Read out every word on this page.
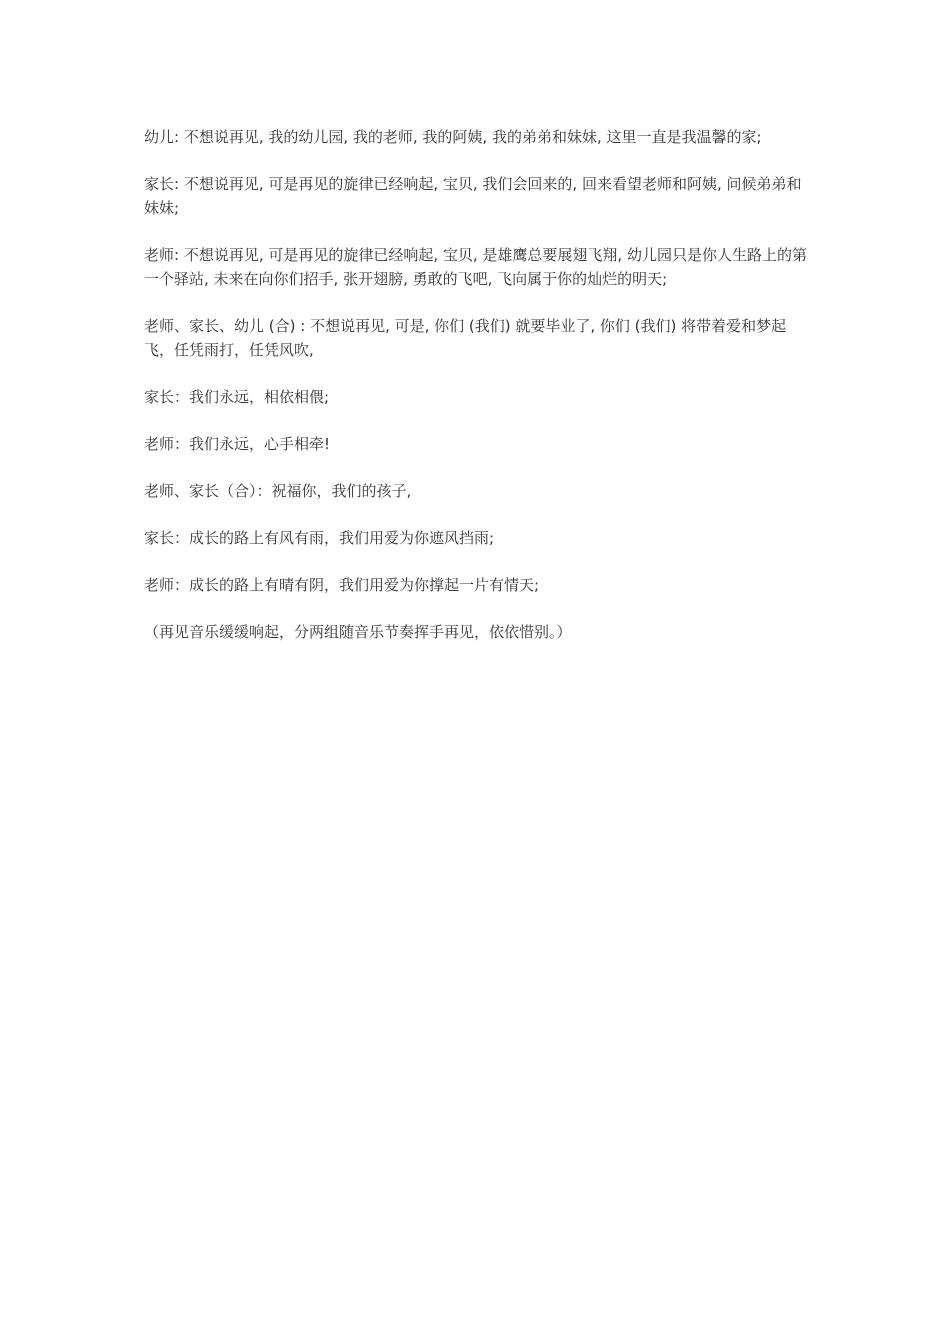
幼儿: 不想说再见, 我的幼儿园, 我的老师, 我的阿姨, 我的弟弟和妹妹, 这里一直是我温馨的家;

家长: 不想说再见, 可是再见的旋律已经响起, 宝贝, 我们会回来的, 回来看望老师和阿姨, 问候弟弟和妹妹;

老师: 不想说再见, 可是再见的旋律已经响起, 宝贝, 是雄鹰总要展翅飞翔, 幼儿园只是你人生路上的第一个驿站, 未来在向你们招手, 张开翅膀, 勇敢的飞吧, 飞向属于你的灿烂的明天;

老师、家长、幼儿 (合) : 不想说再见, 可是, 你们 (我们) 就要毕业了, 你们 (我们) 将带着爱和梦起飞，任凭雨打，任凭风吹,

家长：我们永远，相依相偎;

老师：我们永远，心手相牵!

老师、家长（合）：祝福你，我们的孩子,

家长：成长的路上有风有雨，我们用爱为你遮风挡雨;

老师：成长的路上有晴有阴，我们用爱为你撑起一片有情天;

（再见音乐缓缓响起，分两组随音乐节奏挥手再见，依依惜别。）
